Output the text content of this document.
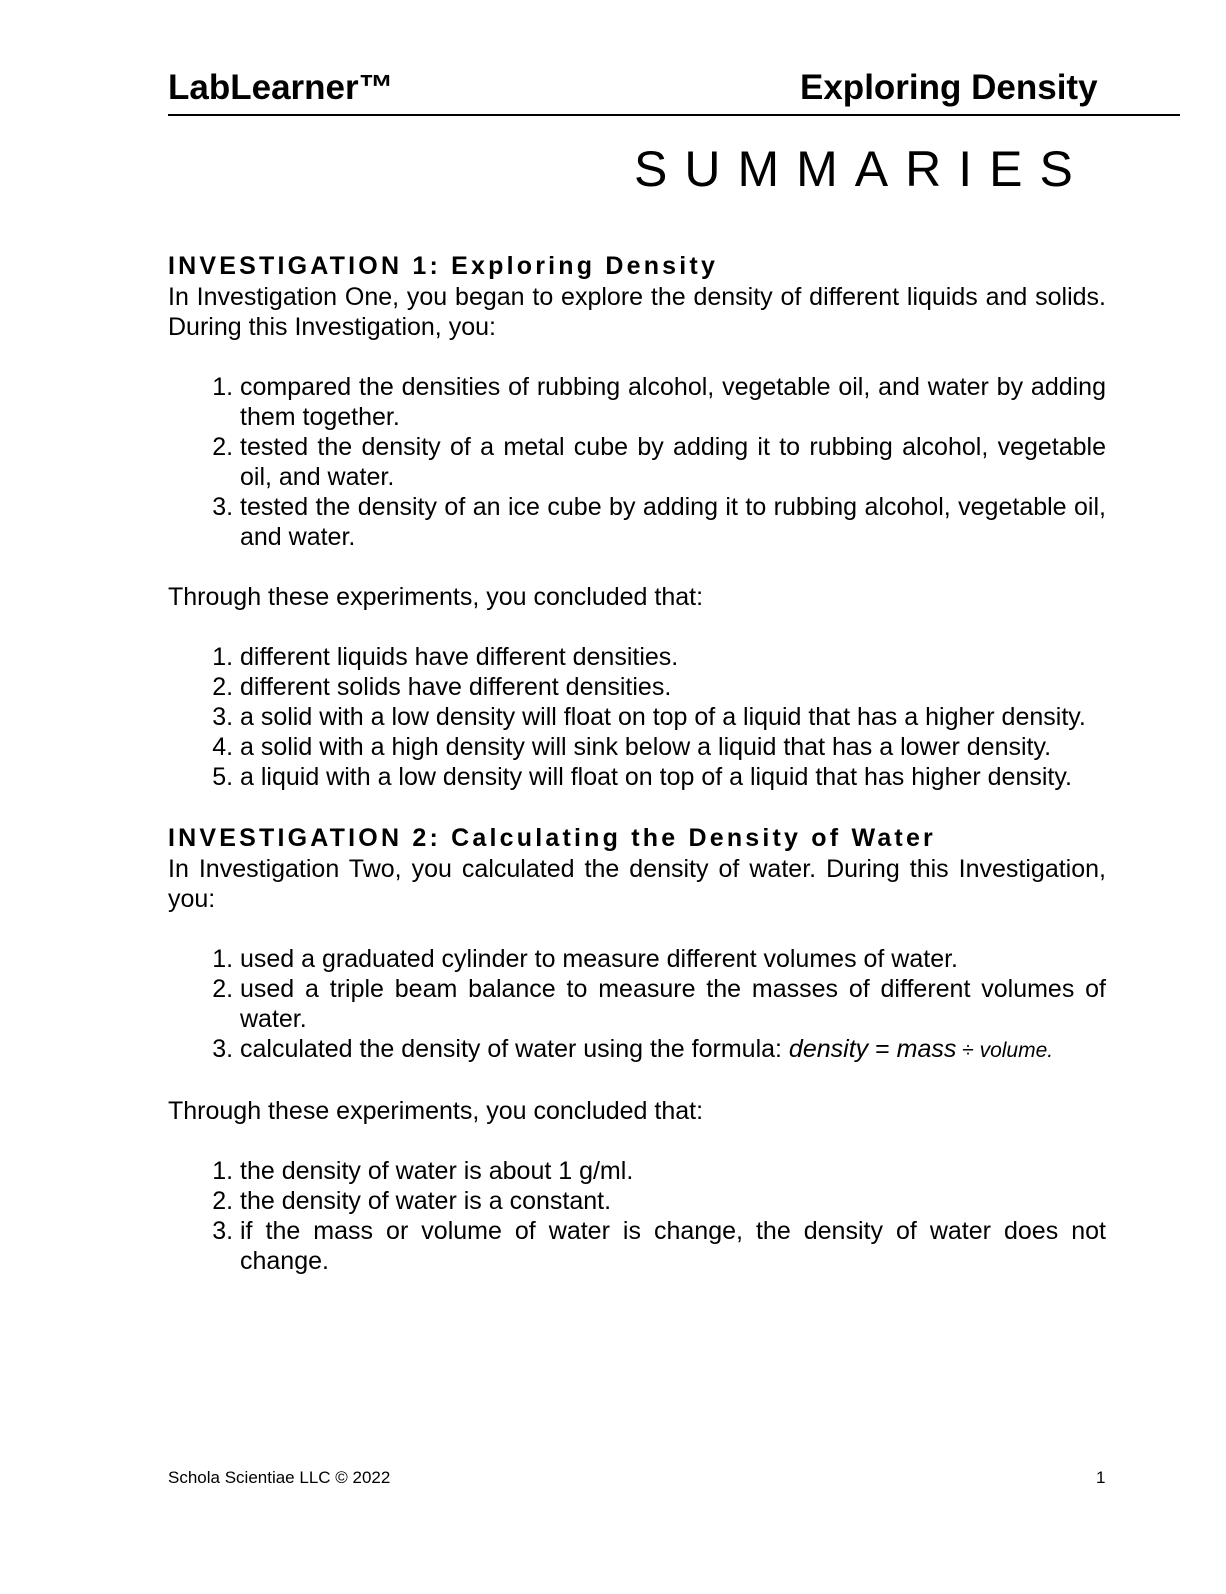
LabLearner™	Exploring Density
SUMMARIES
INVESTIGATION 1: Exploring Density
In Investigation One, you began to explore the density of different liquids and solids. During this Investigation, you:
1. compared the densities of rubbing alcohol, vegetable oil, and water by adding them together.
2. tested the density of a metal cube by adding it to rubbing alcohol, vegetable oil, and water.
3. tested the density of an ice cube by adding it to rubbing alcohol, vegetable oil, and water.
Through these experiments, you concluded that:
1. different liquids have different densities.
2. different solids have different densities.
3. a solid with a low density will float on top of a liquid that has a higher density.
4. a solid with a high density will sink below a liquid that has a lower density.
5. a liquid with a low density will float on top of a liquid that has higher density.
INVESTIGATION 2: Calculating the Density of Water
In Investigation Two, you calculated the density of water. During this Investigation, you:
1. used a graduated cylinder to measure different volumes of water.
2. used a triple beam balance to measure the masses of different volumes of water.
3. calculated the density of water using the formula: density = mass ÷ volume.
Through these experiments, you concluded that:
1. the density of water is about 1 g/ml.
2. the density of water is a constant.
3. if the mass or volume of water is change, the density of water does not change.
Schola Scientiae LLC © 2022	1
